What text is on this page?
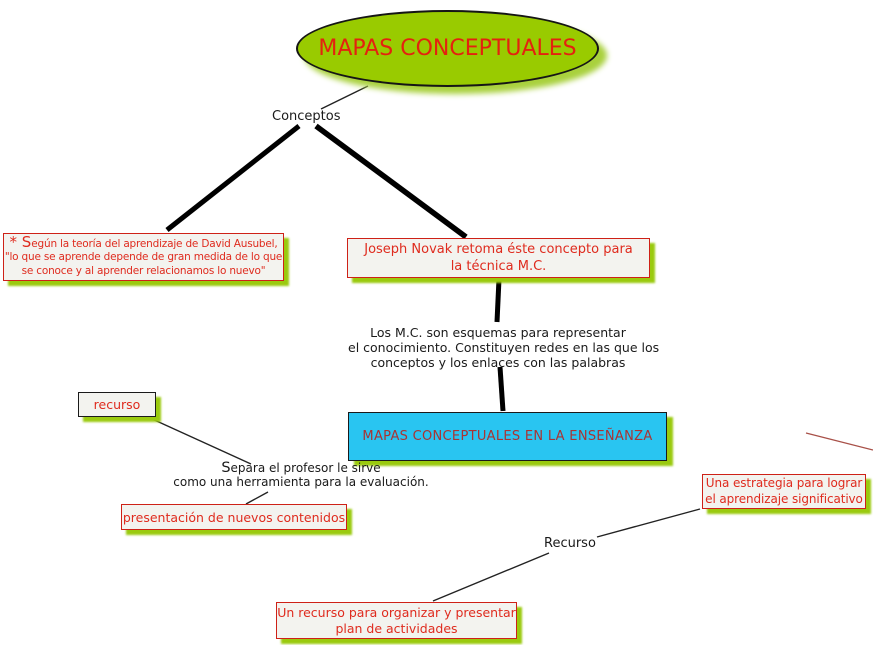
MAPAS CONCEPTUALES
Conceptos
* Según la teoría del aprendizaje de David Ausubel,
"lo que se aprende depende de gran medida de lo que
se conoce y al aprender relacionamos lo nuevo"
Joseph Novak retoma éste concepto para
la técnica M.C.
Los M.C. son esquemas para representar
el conocimiento. Constituyen redes en las que los
conceptos y los enlaces con las palabras
recurso
MAPAS CONCEPTUALES EN LA ENSEÑANZA
Separa el profesor le sirve
como una herramienta para la evaluación.
presentación de nuevos contenidos
Una estrategia para lograr
el aprendizaje significativo
Recurso
Un recurso para organizar y presentar
plan de actividades
